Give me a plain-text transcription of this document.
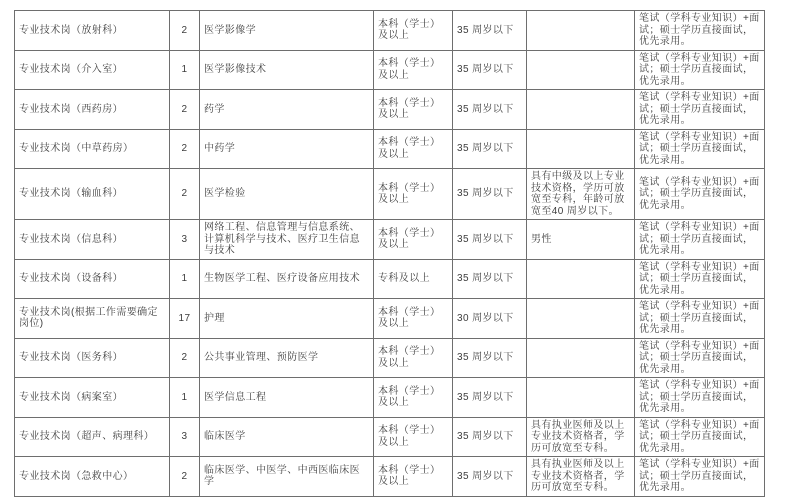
专业技术岗（放射科）	2	医学影像学	本科（学士）及以上	35 周岁以下		笔试（学科专业知识）+面试；硕士学历直接面试，优先录用。
专业技术岗（介入室）	1	医学影像技术	本科（学士）及以上	35 周岁以下		笔试（学科专业知识）+面试；硕士学历直接面试，优先录用。
专业技术岗（西药房）	2	药学	本科（学士）及以上	35 周岁以下		笔试（学科专业知识）+面试；硕士学历直接面试，优先录用。
专业技术岗（中草药房）	2	中药学	本科（学士）及以上	35 周岁以下		笔试（学科专业知识）+面试；硕士学历直接面试，优先录用。
专业技术岗（输血科）	2	医学检验	本科（学士）及以上	35 周岁以下	具有中级及以上专业技术资格，学历可放宽至专科，年龄可放宽至40 周岁以下。	笔试（学科专业知识）+面试；硕士学历直接面试，优先录用。
专业技术岗（信息科）	3	网络工程、信息管理与信息系统、计算机科学与技术、医疗卫生信息与技术	本科（学士）及以上	35 周岁以下	男性	笔试（学科专业知识）+面试；硕士学历直接面试，优先录用。
专业技术岗（设备科）	1	生物医学工程、医疗设备应用技术	专科及以上	35 周岁以下		笔试（学科专业知识）+面试；硕士学历直接面试，优先录用。
专业技术岗(根据工作需要确定岗位)	17	护理	本科（学士）及以上	30 周岁以下		笔试（学科专业知识）+面试；硕士学历直接面试，优先录用。
专业技术岗（医务科）	2	公共事业管理、预防医学	本科（学士）及以上	35 周岁以下		笔试（学科专业知识）+面试；硕士学历直接面试，优先录用。
专业技术岗（病案室）	1	医学信息工程	本科（学士）及以上	35 周岁以下		笔试（学科专业知识）+面试；硕士学历直接面试，优先录用。
专业技术岗（超声、病理科）	3	临床医学	本科（学士）及以上	35 周岁以下	具有执业医师及以上专业技术资格者，学历可放宽至专科。	笔试（学科专业知识）+面试；硕士学历直接面试，优先录用。
专业技术岗（急救中心）	2	临床医学、中医学、中西医临床医学	本科（学士）及以上	35 周岁以下	具有执业医师及以上专业技术资格者，学历可放宽至专科。	笔试（学科专业知识）+面试；硕士学历直接面试，优先录用。
